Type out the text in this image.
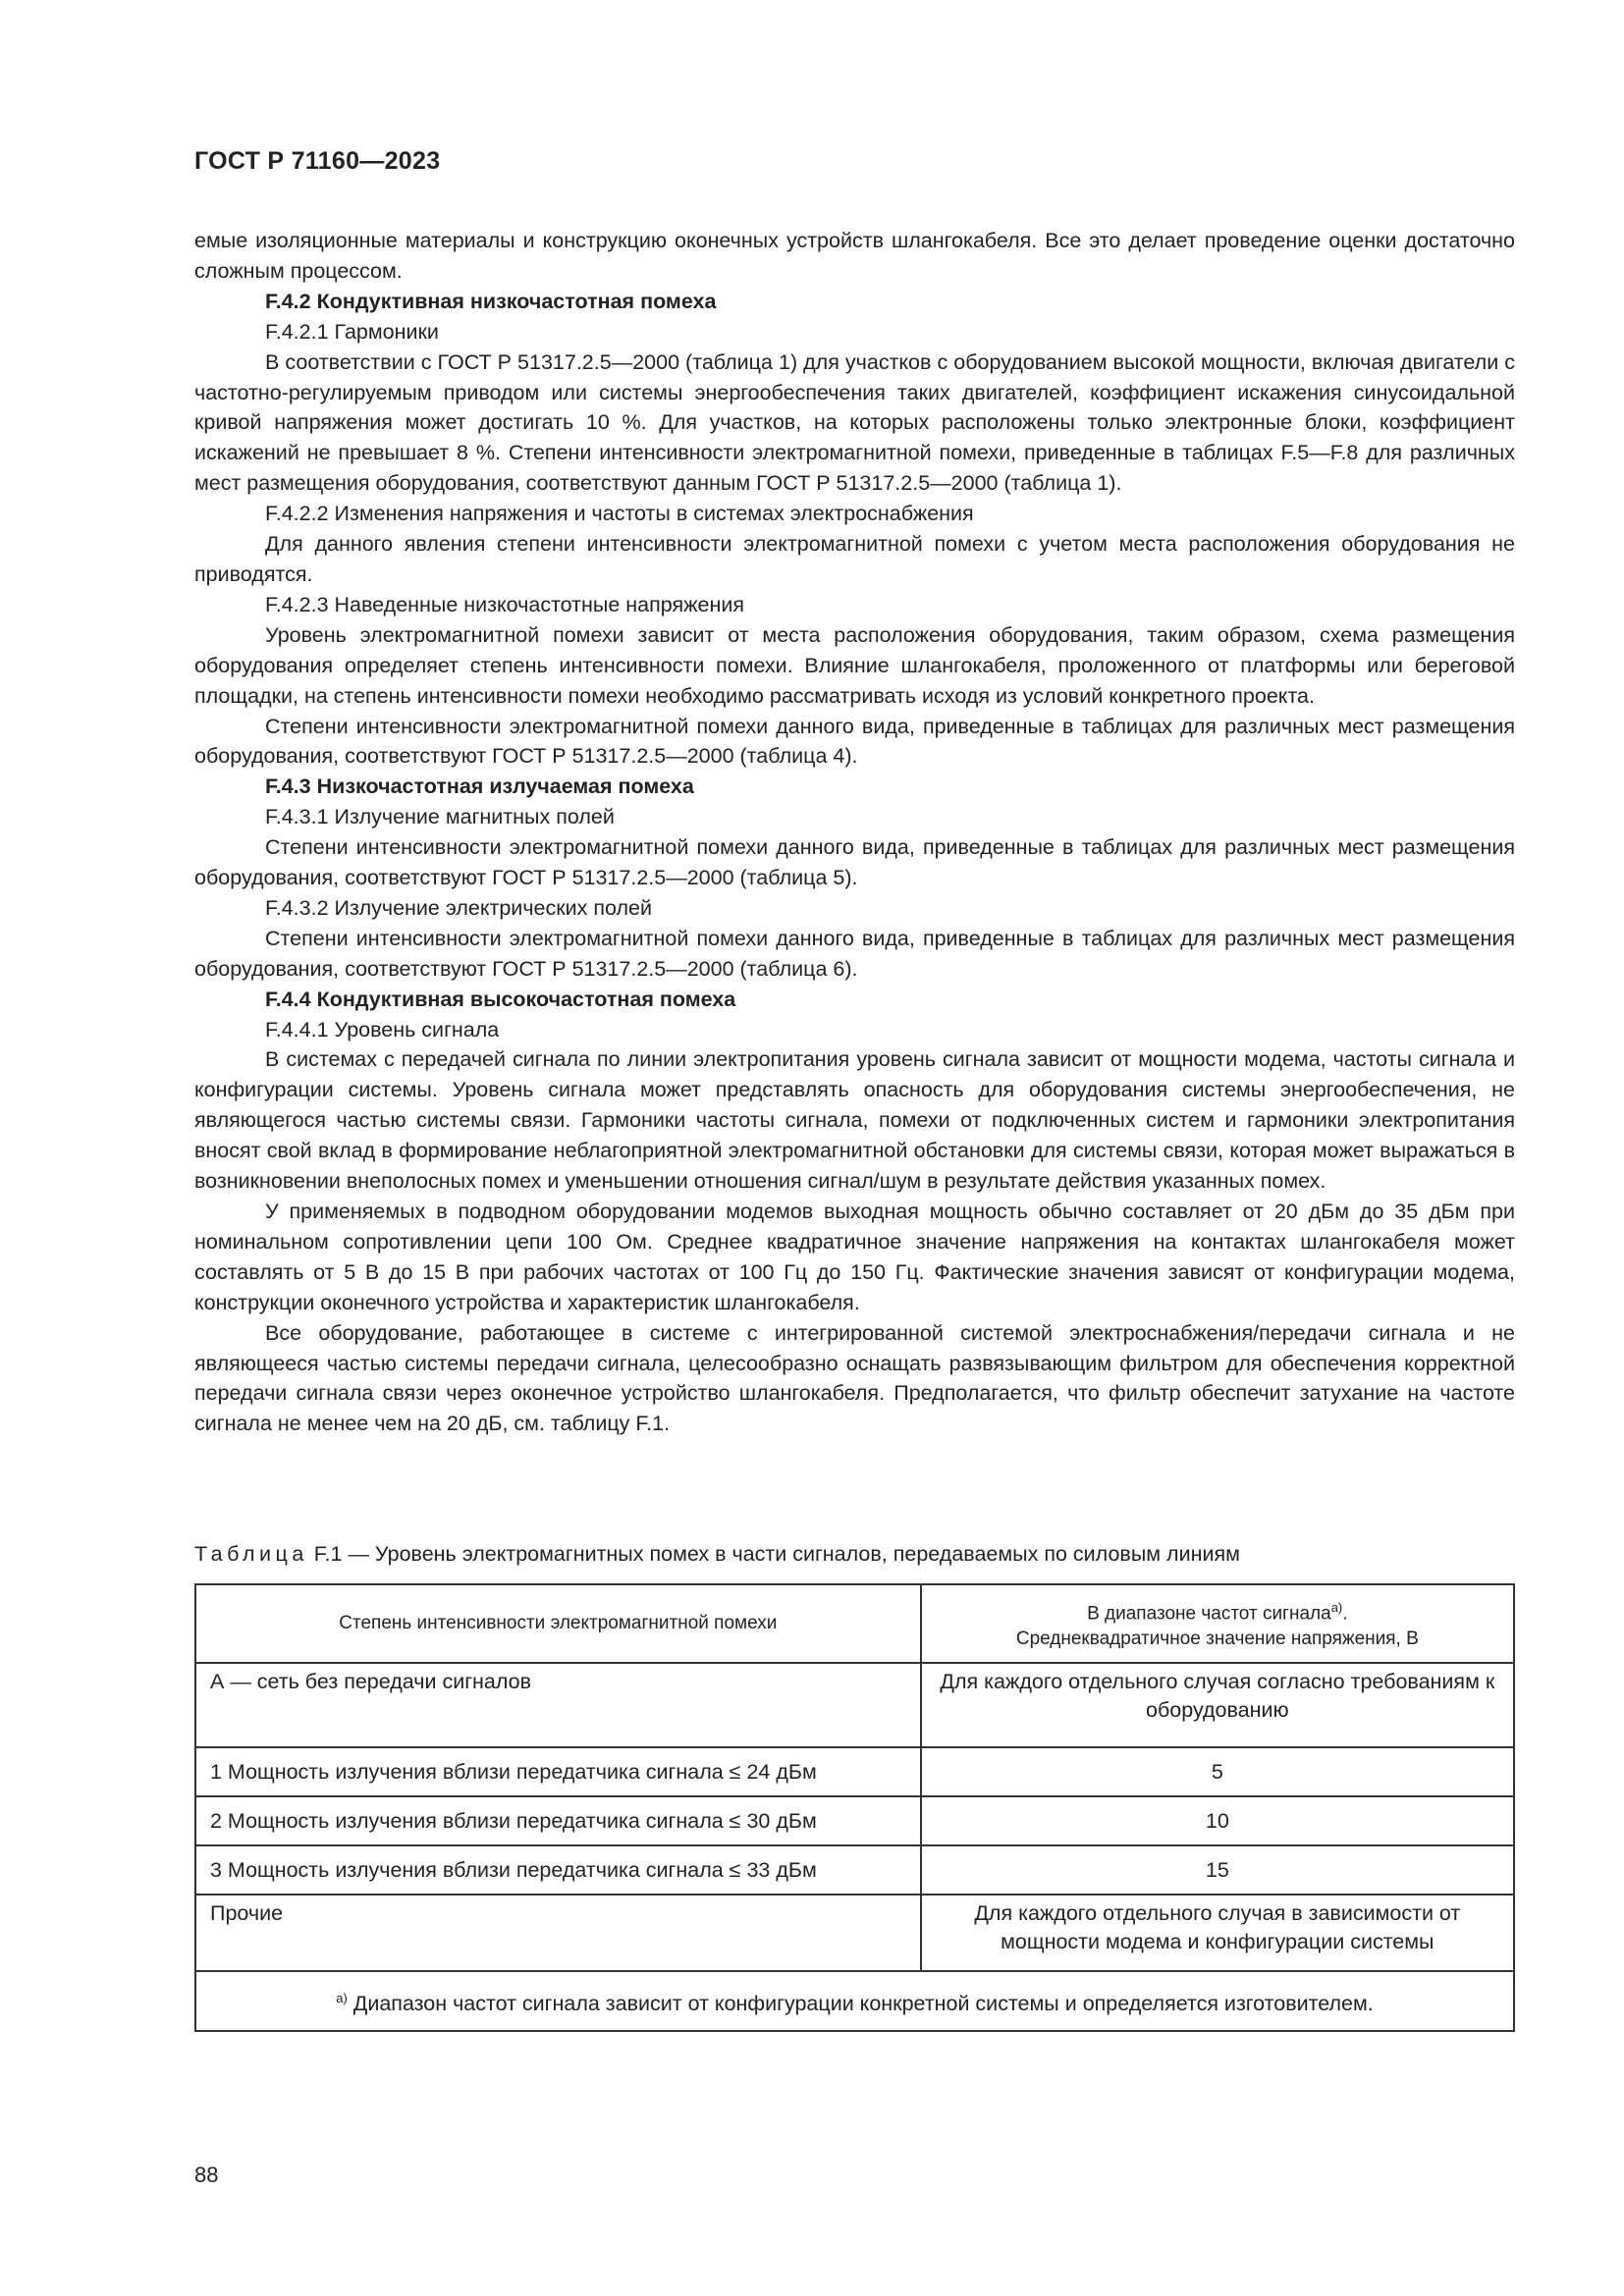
ГОСТ Р 71160—2023

емые изоляционные материалы и конструкцию оконечных устройств шлангокабеля. Все это делает проведение оценки достаточно сложным процессом.

F.4.2 Кондуктивная низкочастотная помеха

F.4.2.1 Гармоники

В соответствии с ГОСТ Р 51317.2.5—2000 (таблица 1) для участков с оборудованием высокой мощности, включая двигатели с частотно-регулируемым приводом или системы энергообеспечения таких двигателей, коэффициент искажения синусоидальной кривой напряжения может достигать 10 %. Для участков, на которых расположены только электронные блоки, коэффициент искажений не превышает 8 %. Степени интенсивности электромагнитной помехи, приведенные в таблицах F.5—F.8 для различных мест размещения оборудования, соответствуют данным ГОСТ Р 51317.2.5—2000 (таблица 1).

F.4.2.2 Изменения напряжения и частоты в системах электроснабжения

Для данного явления степени интенсивности электромагнитной помехи с учетом места расположения оборудования не приводятся.

F.4.2.3 Наведенные низкочастотные напряжения

Уровень электромагнитной помехи зависит от места расположения оборудования, таким образом, схема размещения оборудования определяет степень интенсивности помехи. Влияние шлангокабеля, проложенного от платформы или береговой площадки, на степень интенсивности помехи необходимо рассматривать исходя из условий конкретного проекта.

Степени интенсивности электромагнитной помехи данного вида, приведенные в таблицах для различных мест размещения оборудования, соответствуют ГОСТ Р 51317.2.5—2000 (таблица 4).

F.4.3 Низкочастотная излучаемая помеха

F.4.3.1 Излучение магнитных полей

Степени интенсивности электромагнитной помехи данного вида, приведенные в таблицах для различных мест размещения оборудования, соответствуют ГОСТ Р 51317.2.5—2000 (таблица 5).

F.4.3.2 Излучение электрических полей

Степени интенсивности электромагнитной помехи данного вида, приведенные в таблицах для различных мест размещения оборудования, соответствуют ГОСТ Р 51317.2.5—2000 (таблица 6).

F.4.4 Кондуктивная высокочастотная помеха

F.4.4.1 Уровень сигнала

В системах с передачей сигнала по линии электропитания уровень сигнала зависит от мощности модема, частоты сигнала и конфигурации системы. Уровень сигнала может представлять опасность для оборудования системы энергообеспечения, не являющегося частью системы связи. Гармоники частоты сигнала, помехи от подключенных систем и гармоники электропитания вносят свой вклад в формирование неблагоприятной электромагнитной обстановки для системы связи, которая может выражаться в возникновении внеполосных помех и уменьшении отношения сигнал/шум в результате действия указанных помех.

У применяемых в подводном оборудовании модемов выходная мощность обычно составляет от 20 дБм до 35 дБм при номинальном сопротивлении цепи 100 Ом. Среднее квадратичное значение напряжения на контактах шлангокабеля может составлять от 5 В до 15 В при рабочих частотах от 100 Гц до 150 Гц. Фактические значения зависят от конфигурации модема, конструкции оконечного устройства и характеристик шлангокабеля.

Все оборудование, работающее в системе с интегрированной системой электроснабжения/передачи сигнала и не являющееся частью системы передачи сигнала, целесообразно оснащать развязывающим фильтром для обеспечения корректной передачи сигнала связи через оконечное устройство шлангокабеля. Предполагается, что фильтр обеспечит затухание на частоте сигнала не менее чем на 20 дБ, см. таблицу F.1.

Таблица F.1 — Уровень электромагнитных помех в части сигналов, передаваемых по силовым линиям
Степень интенсивности электромагнитной помехи	В диапазоне частот сигнала$^{а)}$.
Среднеквадратичное значение напряжения, В
А — сеть без передачи сигналов	Для каждого отдельного случая согласно требованиям к оборудованию
1 Мощность излучения вблизи передатчика сигнала ≤ 24 дБм	5
2 Мощность излучения вблизи передатчика сигнала ≤ 30 дБм	10
3 Мощность излучения вблизи передатчика сигнала ≤ 33 дБм	15
Прочие	Для каждого отдельного случая в зависимости от мощности модема и конфигурации системы
$^{а)}$ Диапазон частот сигнала зависит от конфигурации конкретной системы и определяется изготовителем.	
88
